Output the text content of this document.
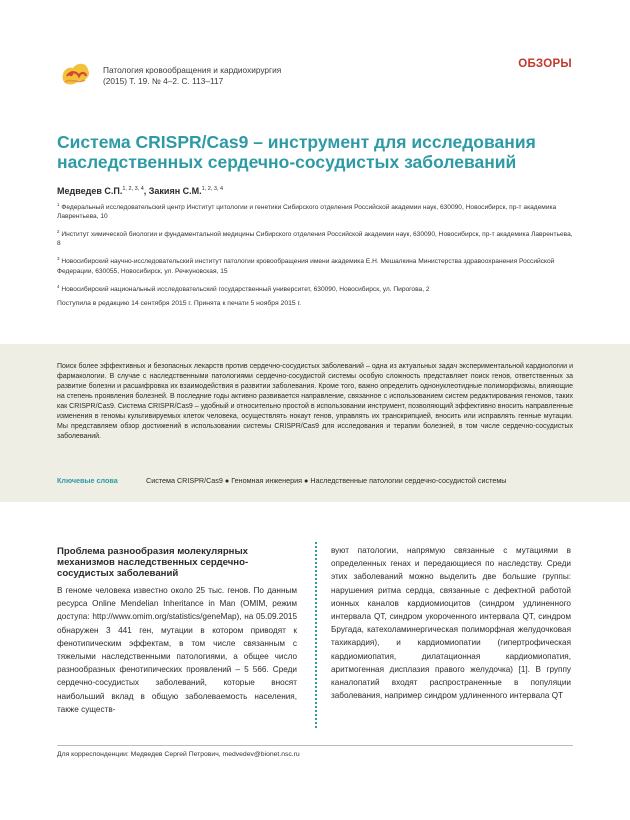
Патология кровообращения и кардиохирургия
(2015) Т. 19. № 4–2. С. 113–117
ОБЗОРЫ
Система CRISPR/Cas9 – инструмент для исследования
наследственных сердечно-сосудистых заболеваний
Медведев С.П.$^{1, 2, 3, 4}$, Закиян С.М.$^{1, 2, 3, 4}$

$^1$ Федеральный исследовательский центр Институт цитологии и генетики Сибирского отделения Российской академии наук, 630090, Новосибирск, пр-т академика Лаврентьева, 10

$^2$ Институт химической биологии и фундаментальной медицины Сибирского отделения Российской академии наук, 630090, Новосибирск, пр-т академика Лаврентьева, 8

$^3$ Новосибирский научно-исследовательский институт патологии кровообращения имени академика Е.Н. Мешалкина Министерства здравоохранения Российской Федерации, 630055, Новосибирск, ул. Речкуновская, 15

$^4$ Новосибирский национальный исследовательский государственный университет, 630090, Новосибирск, ул. Пирогова, 2

Поступила в редакцию 14 сентября 2015 г. Принята к печати 5 ноября 2015 г.
Поиск более эффективных и безопасных лекарств против сердечно-сосудистых заболеваний – одна из актуальных задач экспериментальной кардиологии и фармакологии. В случае с наследственными патологиями сердечно-сосудистой системы особую сложность представляет поиск генов, ответственных за развитие болезни и расшифровка их взаимодействия в развитии заболевания. Кроме того, важно определить однонуклеотидные полиморфизмы, влияющие на степень проявления болезней. В последние годы активно развивается направление, связанное с использованием систем редактирования геномов, таких как CRISPR/Cas9. Система CRISPR/Cas9 – удобный и относительно простой в использовании инструмент, позволяющий эффективно вносить направленные изменения в геномы культивируемых клеток человека, осуществлять нокаут генов, управлять их транскрипцией, вносить или исправлять генные мутации. Мы представляем обзор достижений в использовании системы CRISPR/Cas9 для исследования и терапии болезней, в том числе сердечно-сосудистых заболеваний.
Ключевые слова	Система CRISPR/Cas9 ● Геномная инженерия ● Наследственные патологии сердечно-сосудистой системы
Проблема разнообразия молекулярных механизмов наследственных сердечно-сосудистых заболеваний
В геноме человека известно около 25 тыс. генов. По данным ресурса Online Mendelian Inheritance in Man (OMIM, режим доступа: http://www.omim.org/statistics/geneMap), на 05.09.2015 обнаружен 3 441 ген, мутации в котором приводят к фенотипическим эффектам, в том числе связанным с тяжелыми наследственными патологиями, а общее число разнообразных фенотипических проявлений – 5 566. Среди сердечно-сосудистых заболеваний, которые вносят наибольший вклад в общую заболеваемость населения, также существ-
вуют патологии, напрямую связанные с мутациями в определенных генах и передающиеся по наследству. Среди этих заболеваний можно выделить две большие группы: нарушения ритма сердца, связанные с дефектной работой ионных каналов кардиомиоцитов (синдром удлиненного интервала QT, синдром укороченного интервала QT, синдром Бругада, катехоламинергическая полиморфная желудочковая тахикардия), и кардиомиопатии (гипертрофическая кардиомиопатия, дилатационная кардиомиопатия, аритмогенная дисплазия правого желудочка) [1]. В группу каналопатий входят распространенные в популяции заболевания, например синдром удлиненного интервала QT
Для корреспонденции: Медведев Сергей Петрович, medvedev@bionet.nsc.ru
